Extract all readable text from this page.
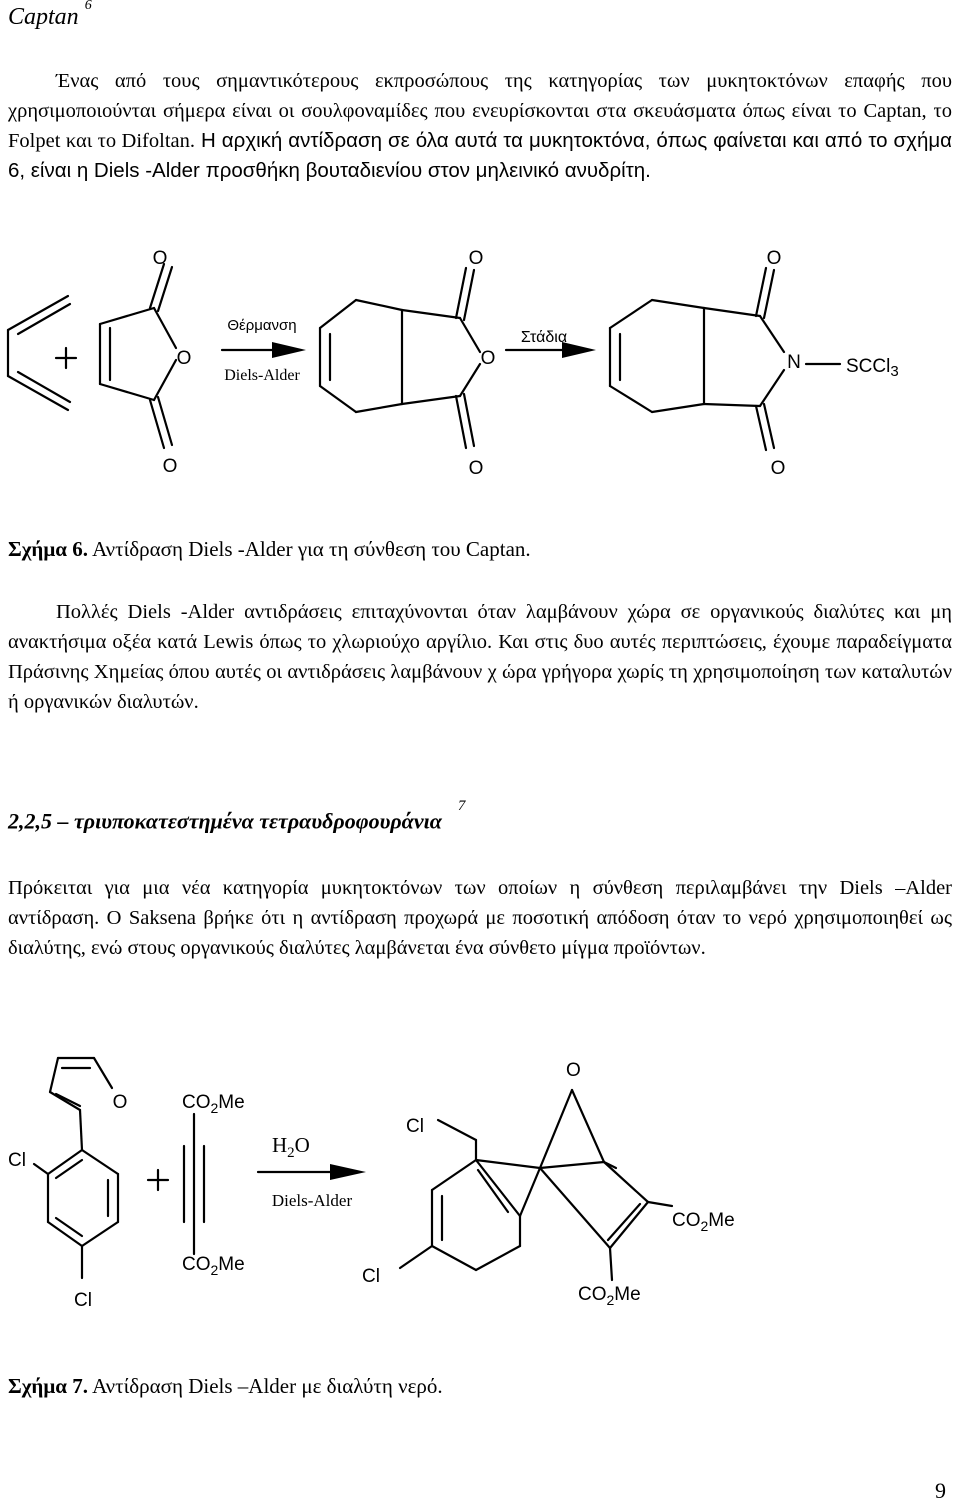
Captan $^6$

Ένας από τους σημαντικότερους εκπροσώπους της κατηγορίας των μυκητοκτόνων επαφής που χρησιμοποιούνται σήμερα είναι οι σουλφοναμίδες που ενευρίσκονται στα σκευάσματα όπως είναι το Captan, το Folpet και το Difoltan. Η αρχική αντίδραση σε όλα αυτά τα μυκητοκτόνα, όπως φαίνεται και από το σχήμα 6, είναι η Diels -Alder προσθήκη βουταδιενίου στον μηλεινικό ανυδρίτη.

O
O
O
O
O
O
O
N
O
SCCl$_3$
Θέρμανση
Diels-Alder
Στάδια
Σχήμα 6. Αντίδραση Diels -Alder για τη σύνθεση του Captan.

Πολλές Diels -Alder αντιδράσεις επιταχύνονται όταν λαμβάνουν χώρα σε οργανικούς διαλύτες και μη ανακτήσιμα οξέα κατά Lewis όπως το χλωριούχο αργίλιο. Και στις δυο αυτές περιπτώσεις, έχουμε παραδείγματα Πράσινης Χημείας όπου αυτές οι αντιδράσεις λαμβάνουν χ ώρα γρήγορα χωρίς τη χρησιμοποίηση των καταλυτών ή οργανικών διαλυτών.

2,2,5 – τριυποκατεστημένα τετραυδροφουράνια$^7$

Πρόκειται για μια νέα κατηγορία μυκητοκτόνων των οποίων η σύνθεση περιλαμβάνει την Diels –Alder αντίδραση. Ο Saksena βρήκε ότι η αντίδραση προχωρά με ποσοτική απόδοση όταν το νερό χρησιμοποιηθεί ως διαλύτης, ενώ στους οργανικούς διαλύτες λαμβάνεται ένα σύνθετο μίγμα προϊόντων.

O
Cl
Cl
$CO_2Me$
$CO_2Me$
O
Cl
Cl
$CO_2Me$
$CO_2Me$
$H_2O$
Diels-Alder
Σχήμα 7. Αντίδραση Diels –Alder με διαλύτη νερό.
9
